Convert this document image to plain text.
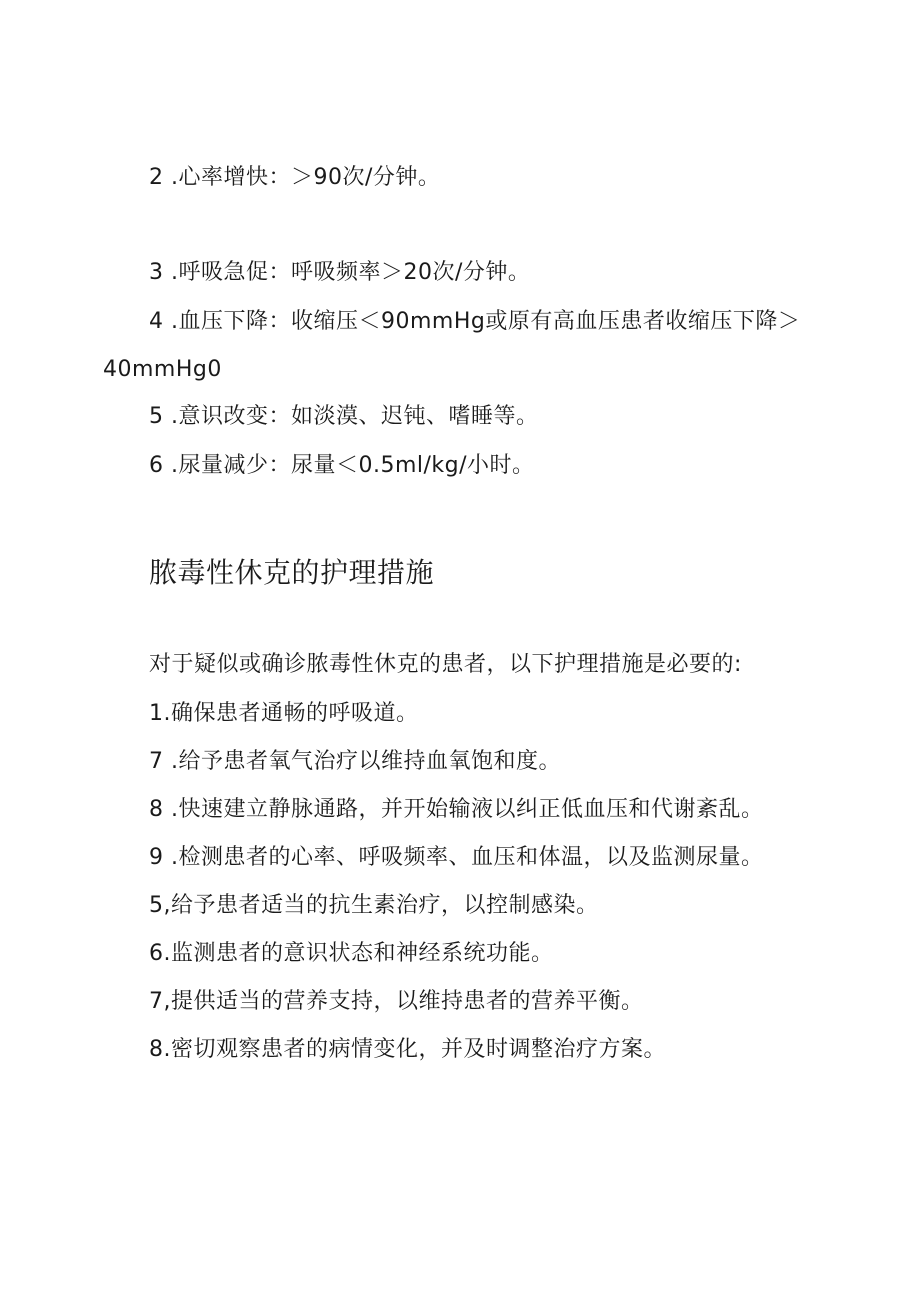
2 .心率增快：＞90次/分钟。
3 .呼吸急促：呼吸频率＞20次/分钟。
4 .血压下降：收缩压＜90mmHg或原有高血压患者收缩压下降＞
40mmHg0
5 .意识改变：如淡漠、迟钝、嗜睡等。
6 .尿量减少：尿量＜0.5ml/kg/小时。
脓毒性休克的护理措施
对于疑似或确诊脓毒性休克的患者，以下护理措施是必要的:
1.确保患者通畅的呼吸道。
7 .给予患者氧气治疗以维持血氧饱和度。
8 .快速建立静脉通路，并开始输液以纠正低血压和代谢紊乱。
9 .检测患者的心率、呼吸频率、血压和体温，以及监测尿量。
5,给予患者适当的抗生素治疗，以控制感染。
6.监测患者的意识状态和神经系统功能。
7,提供适当的营养支持，以维持患者的营养平衡。
8.密切观察患者的病情变化，并及时调整治疗方案。
